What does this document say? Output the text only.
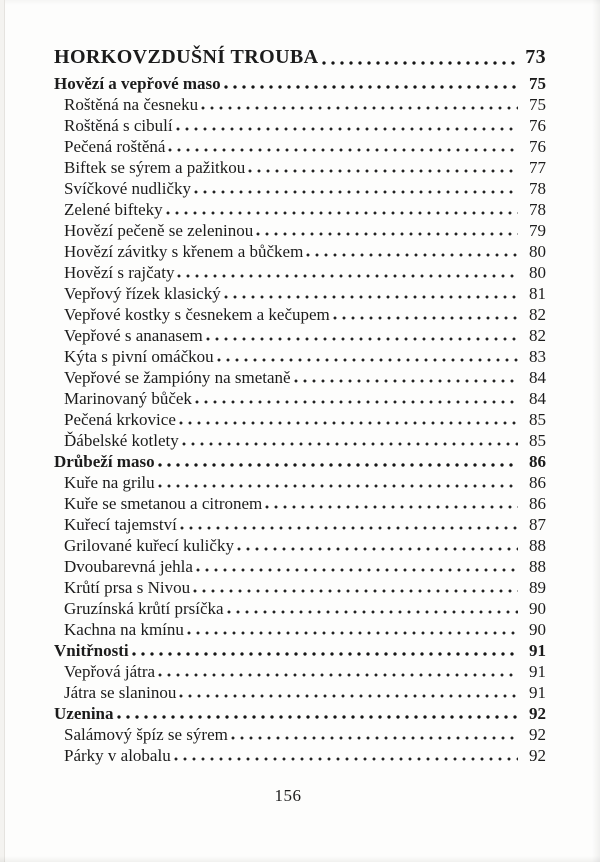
HORKOVZDUŠNÍ TROUBA	73
Hovězí a vepřové maso	75
Roštěná na česneku	75
Roštěná s cibulí	76
Pečená roštěná	76
Biftek se sýrem a pažitkou	77
Svíčkové nudličky	78
Zelené bifteky	78
Hovězí pečeně se zeleninou	79
Hovězí závitky s křenem a bůčkem	80
Hovězí s rajčaty	80
Vepřový řízek klasický	81
Vepřové kostky s česnekem a kečupem	82
Vepřové s ananasem	82
Kýta s pivní omáčkou	83
Vepřové se žampióny na smetaně	84
Marinovaný bůček	84
Pečená krkovice	85
Ďábelské kotlety	85
Drůbeží maso	86
Kuře na grilu	86
Kuře se smetanou a citronem	86
Kuřecí tajemství	87
Grilované kuřecí kuličky	88
Dvoubarevná jehla	88
Krůtí prsa s Nivou	89
Gruzínská krůtí prsíčka	90
Kachna na kmínu	90
Vnitřnosti	91
Vepřová játra	91
Játra se slaninou	91
Uzenina	92
Salámový špíz se sýrem	92
Párky v alobalu	92
156
